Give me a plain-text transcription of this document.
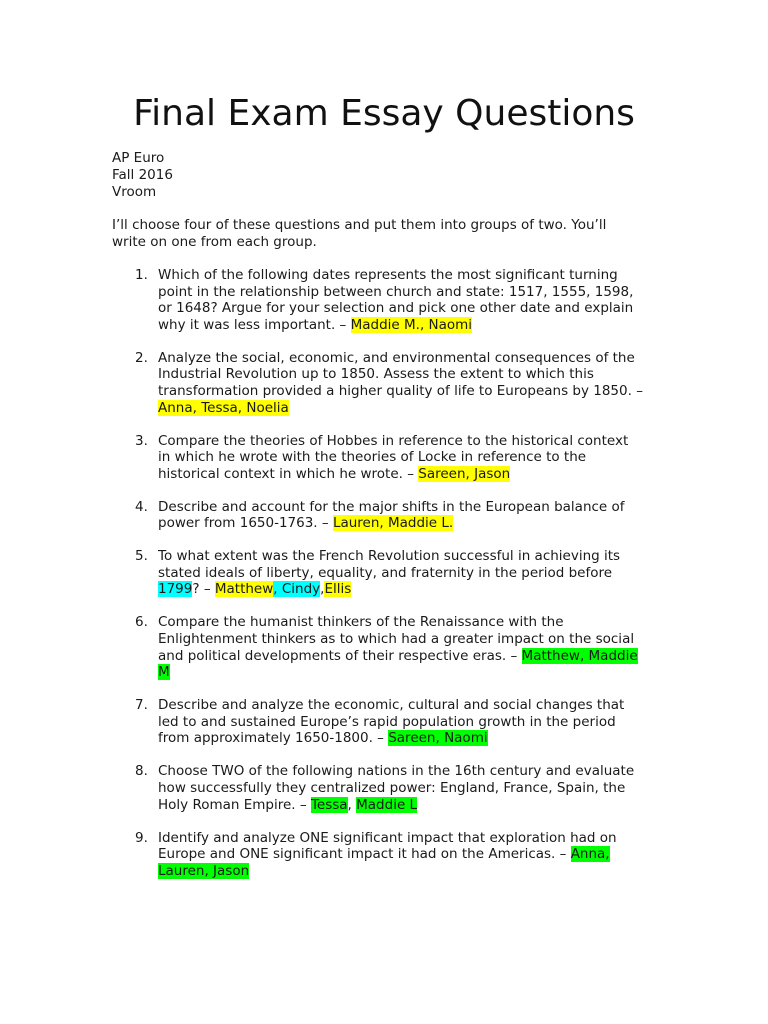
Final Exam Essay Questions
AP Euro
Fall 2016
Vroom

I’ll choose four of these questions and put them into groups of two. You’ll
write on one from each group.

1. Which of the following dates represents the most significant turning
point in the relationship between church and state: 1517, 1555, 1598,
or 1648? Argue for your selection and pick one other date and explain
why it was less important. – Maddie M., Naomi
2. Analyze the social, economic, and environmental consequences of the
Industrial Revolution up to 1850. Assess the extent to which this
transformation provided a higher quality of life to Europeans by 1850. –
Anna, Tessa, Noelia
3. Compare the theories of Hobbes in reference to the historical context
in which he wrote with the theories of Locke in reference to the
historical context in which he wrote. – Sareen, Jason
4. Describe and account for the major shifts in the European balance of
power from 1650-1763. – Lauren, Maddie L.
5. To what extent was the French Revolution successful in achieving its
stated ideals of liberty, equality, and fraternity in the period before
1799? – Matthew, Cindy,Ellis
6. Compare the humanist thinkers of the Renaissance with the
Enlightenment thinkers as to which had a greater impact on the social
and political developments of their respective eras. – Matthew, Maddie
M
7. Describe and analyze the economic, cultural and social changes that
led to and sustained Europe’s rapid population growth in the period
from approximately 1650-1800. – Sareen, Naomi
8. Choose TWO of the following nations in the 16th century and evaluate
how successfully they centralized power: England, France, Spain, the
Holy Roman Empire. – Tessa, Maddie L
9. Identify and analyze ONE significant impact that exploration had on
Europe and ONE significant impact it had on the Americas. – Anna,
Lauren, Jason
